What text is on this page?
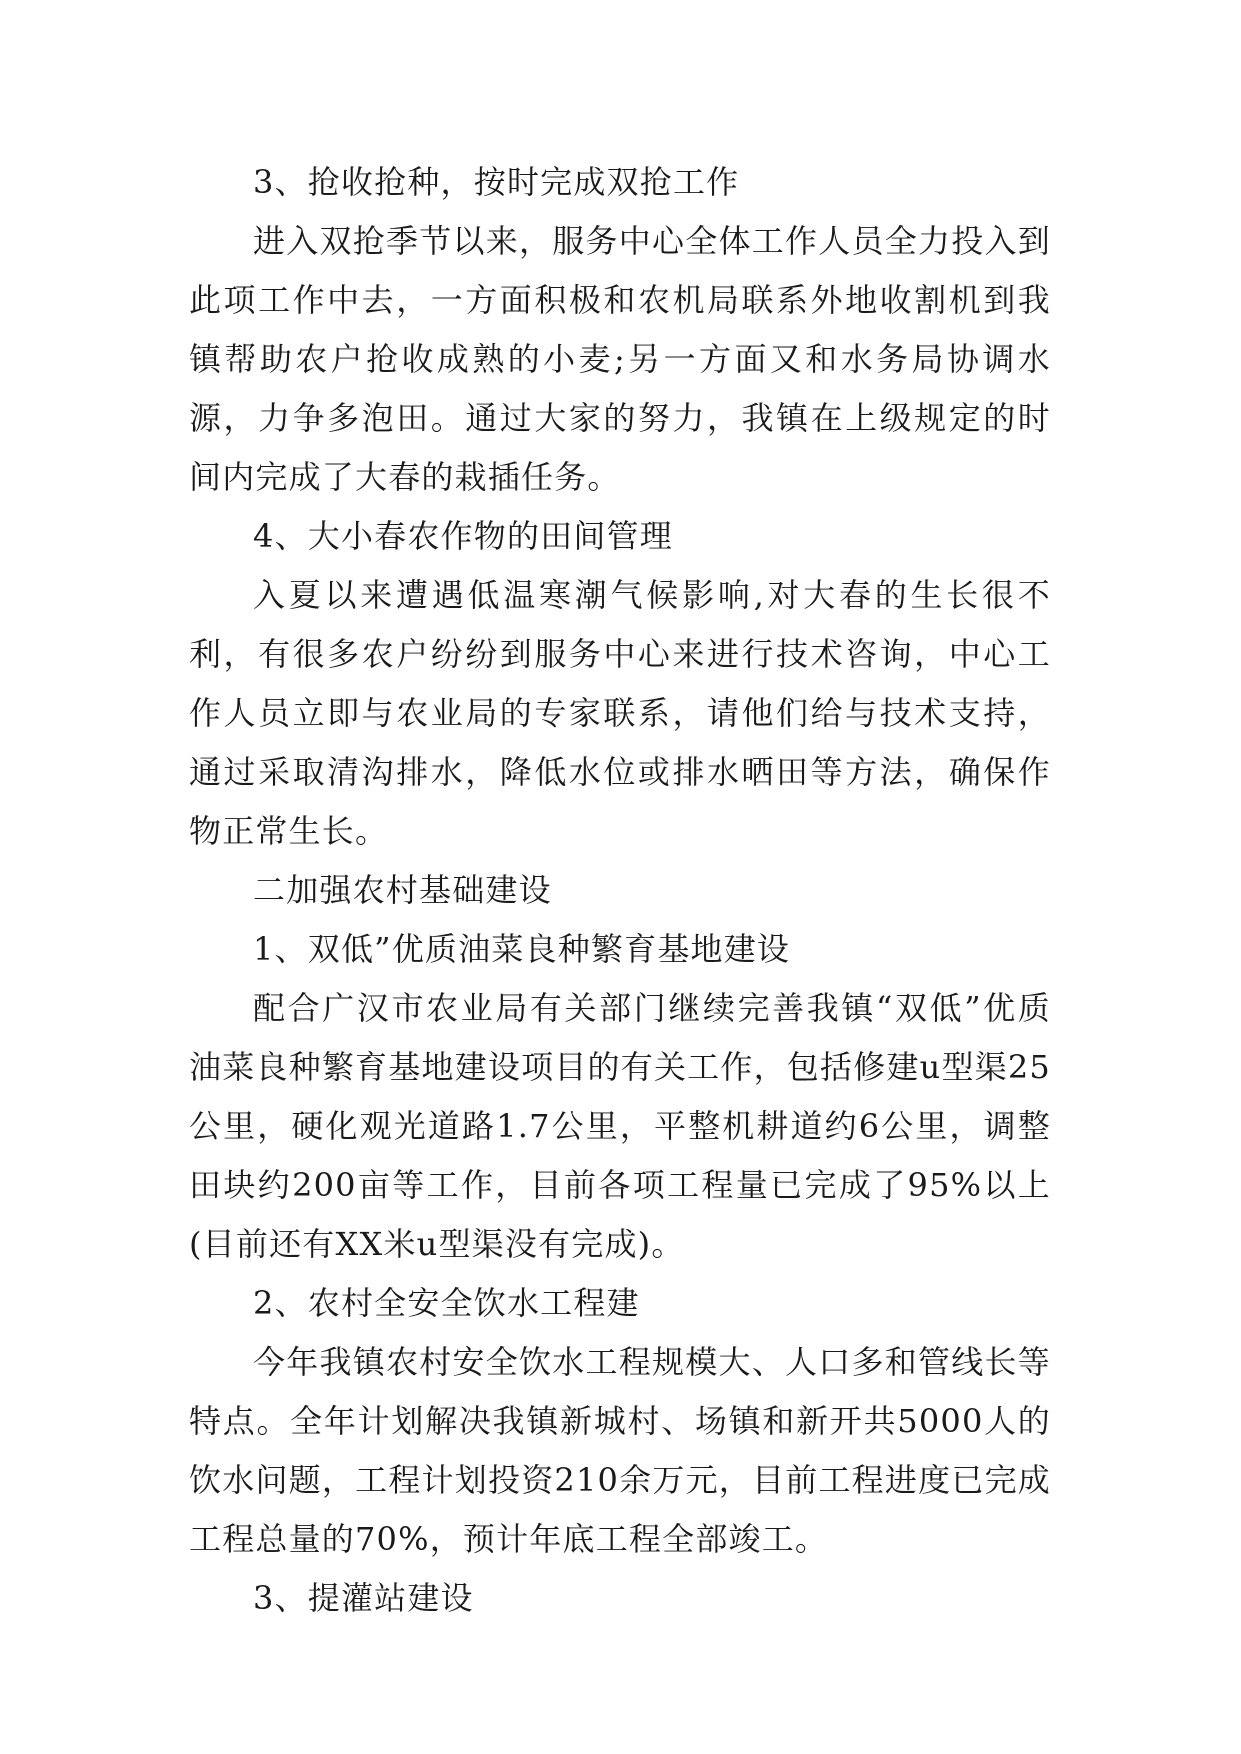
3、抢收抢种，按时完成双抢工作

进入双抢季节以来，服务中心全体工作人员全力投入到此项工作中去，一方面积极和农机局联系外地收割机到我镇帮助农户抢收成熟的小麦;另一方面又和水务局协调水源，力争多泡田。通过大家的努力，我镇在上级规定的时间内完成了大春的栽插任务。

4、大小春农作物的田间管理

入夏以来遭遇低温寒潮气候影响,对大春的生长很不利，有很多农户纷纷到服务中心来进行技术咨询，中心工作人员立即与农业局的专家联系，请他们给与技术支持，通过采取清沟排水，降低水位或排水晒田等方法，确保作物正常生长。

二加强农村基础建设

1、双低”优质油菜良种繁育基地建设

配合广汉市农业局有关部门继续完善我镇“双低”优质油菜良种繁育基地建设项目的有关工作，包括修建u型渠25公里，硬化观光道路1.7公里，平整机耕道约6公里，调整田块约200亩等工作，目前各项工程量已完成了95%以上(目前还有XX米u型渠没有完成)。

2、农村全安全饮水工程建

今年我镇农村安全饮水工程规模大、人口多和管线长等特点。全年计划解决我镇新城村、场镇和新开共5000人的饮水问题，工程计划投资210余万元，目前工程进度已完成工程总量的70%，预计年底工程全部竣工。

3、提灌站建设
